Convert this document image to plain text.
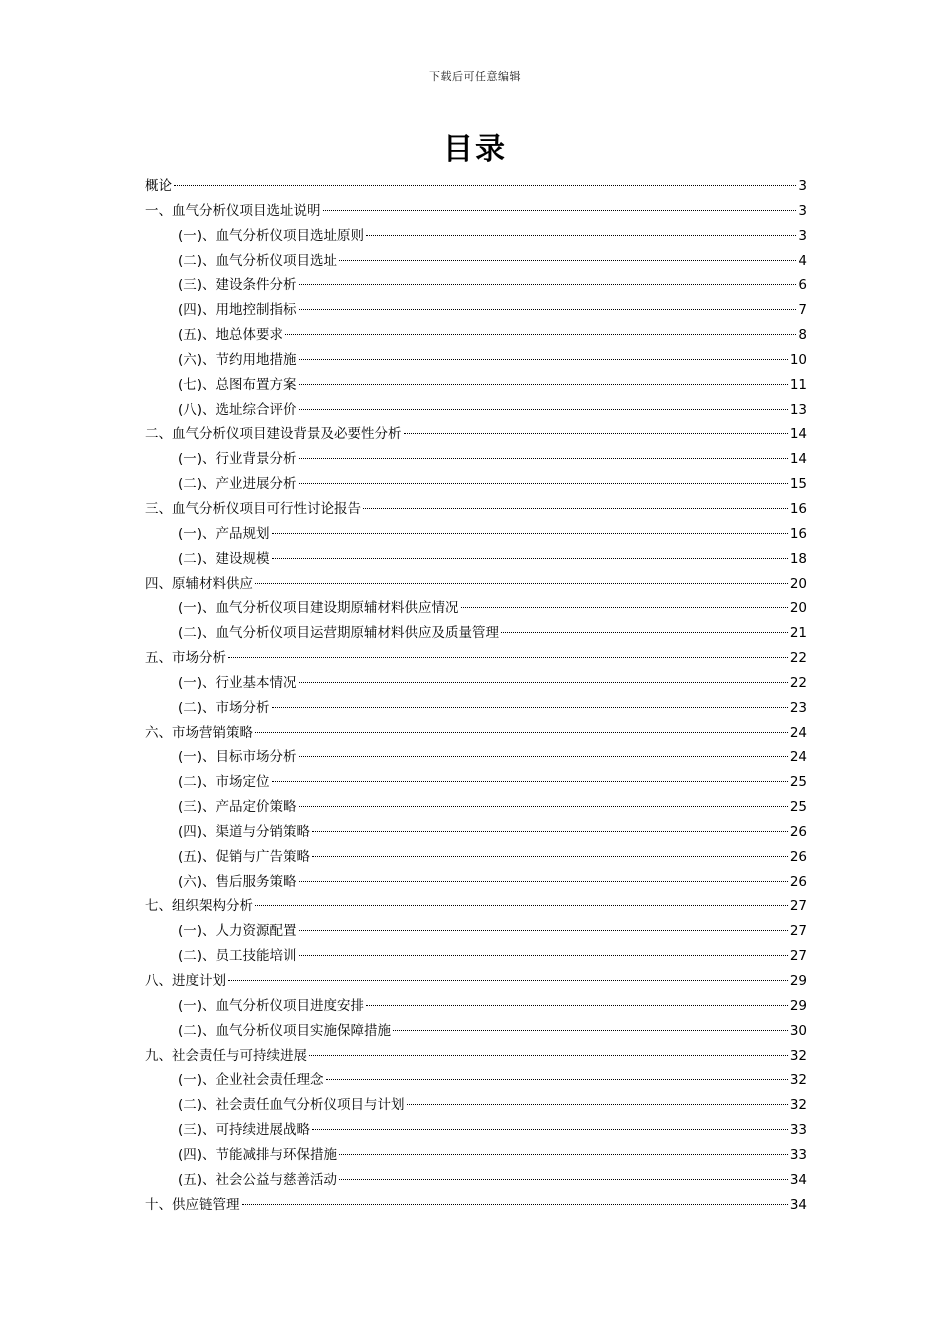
下载后可任意编辑
目录
概论	3
一、血气分析仪项目选址说明	3
(一)、血气分析仪项目选址原则	3
(二)、血气分析仪项目选址	4
(三)、建设条件分析	6
(四)、用地控制指标	7
(五)、地总体要求	8
(六)、节约用地措施	10
(七)、总图布置方案	11
(八)、选址综合评价	13
二、血气分析仪项目建设背景及必要性分析	14
(一)、行业背景分析	14
(二)、产业进展分析	15
三、血气分析仪项目可行性讨论报告	16
(一)、产品规划	16
(二)、建设规模	18
四、原辅材料供应	20
(一)、血气分析仪项目建设期原辅材料供应情况	20
(二)、血气分析仪项目运营期原辅材料供应及质量管理	21
五、市场分析	22
(一)、行业基本情况	22
(二)、市场分析	23
六、市场营销策略	24
(一)、目标市场分析	24
(二)、市场定位	25
(三)、产品定价策略	25
(四)、渠道与分销策略	26
(五)、促销与广告策略	26
(六)、售后服务策略	26
七、组织架构分析	27
(一)、人力资源配置	27
(二)、员工技能培训	27
八、进度计划	29
(一)、血气分析仪项目进度安排	29
(二)、血气分析仪项目实施保障措施	30
九、社会责任与可持续进展	32
(一)、企业社会责任理念	32
(二)、社会责任血气分析仪项目与计划	32
(三)、可持续进展战略	33
(四)、节能减排与环保措施	33
(五)、社会公益与慈善活动	34
十、供应链管理	34
